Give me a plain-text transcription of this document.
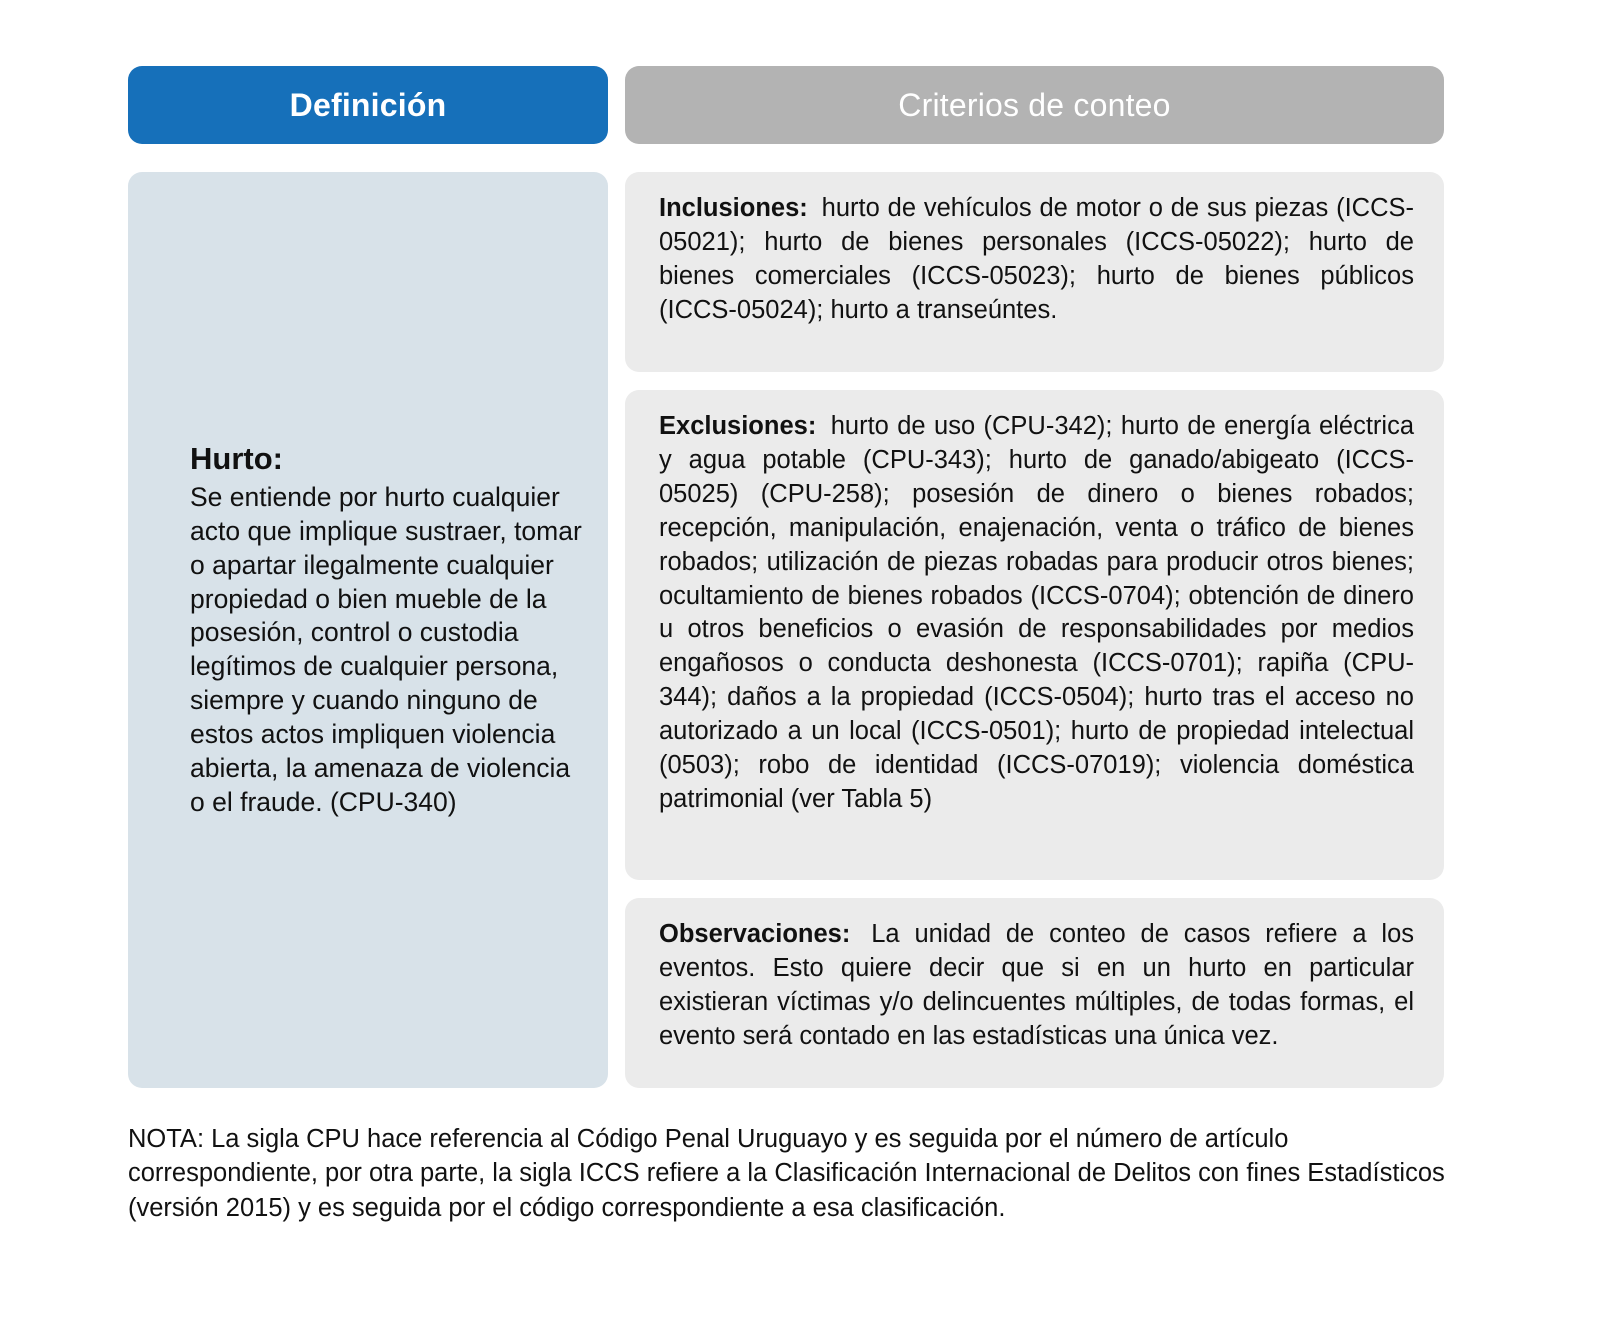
Definición	Criterios de conteo

Hurto:

Se entiende por hurto cualquier acto que implique sustraer, tomar o apartar ilegalmente cualquier propiedad o bien mueble de la posesión, control o custodia legítimos de cualquier persona, siempre y cuando ninguno de estos actos impliquen violencia abierta, la amenaza de violencia o el fraude. (CPU-340)

Inclusiones: hurto de vehículos de motor o de sus piezas (ICCS-05021); hurto de bienes personales (ICCS-05022); hurto de bienes comerciales (ICCS-05023); hurto de bienes públicos (ICCS-05024); hurto a transeúntes.

Exclusiones: hurto de uso (CPU-342); hurto de energía eléctrica y agua potable (CPU-343); hurto de ganado/abigeato (ICCS-05025) (CPU-258); posesión de dinero o bienes robados; recepción, manipulación, enajenación, venta o tráfico de bienes robados; utilización de piezas robadas para producir otros bienes; ocultamiento de bienes robados (ICCS-0704); obtención de dinero u otros beneficios o evasión de responsabilidades por medios engañosos o conducta deshonesta (ICCS-0701); rapiña (CPU-344); daños a la propiedad (ICCS-0504); hurto tras el acceso no autorizado a un local (ICCS-0501); hurto de propiedad intelectual (0503); robo de identidad (ICCS-07019); violencia doméstica patrimonial (ver Tabla 5)

Observaciones: La unidad de conteo de casos refiere a los eventos. Esto quiere decir que si en un hurto en particular existieran víctimas y/o delincuentes múltiples, de todas formas, el evento será contado en las estadísticas una única vez.

NOTA: La sigla CPU hace referencia al Código Penal Uruguayo y es seguida por el número de artículo correspondiente, por otra parte, la sigla ICCS refiere a la Clasificación Internacional de Delitos con fines Estadísticos (versión 2015) y es seguida por el código correspondiente a esa clasificación.
